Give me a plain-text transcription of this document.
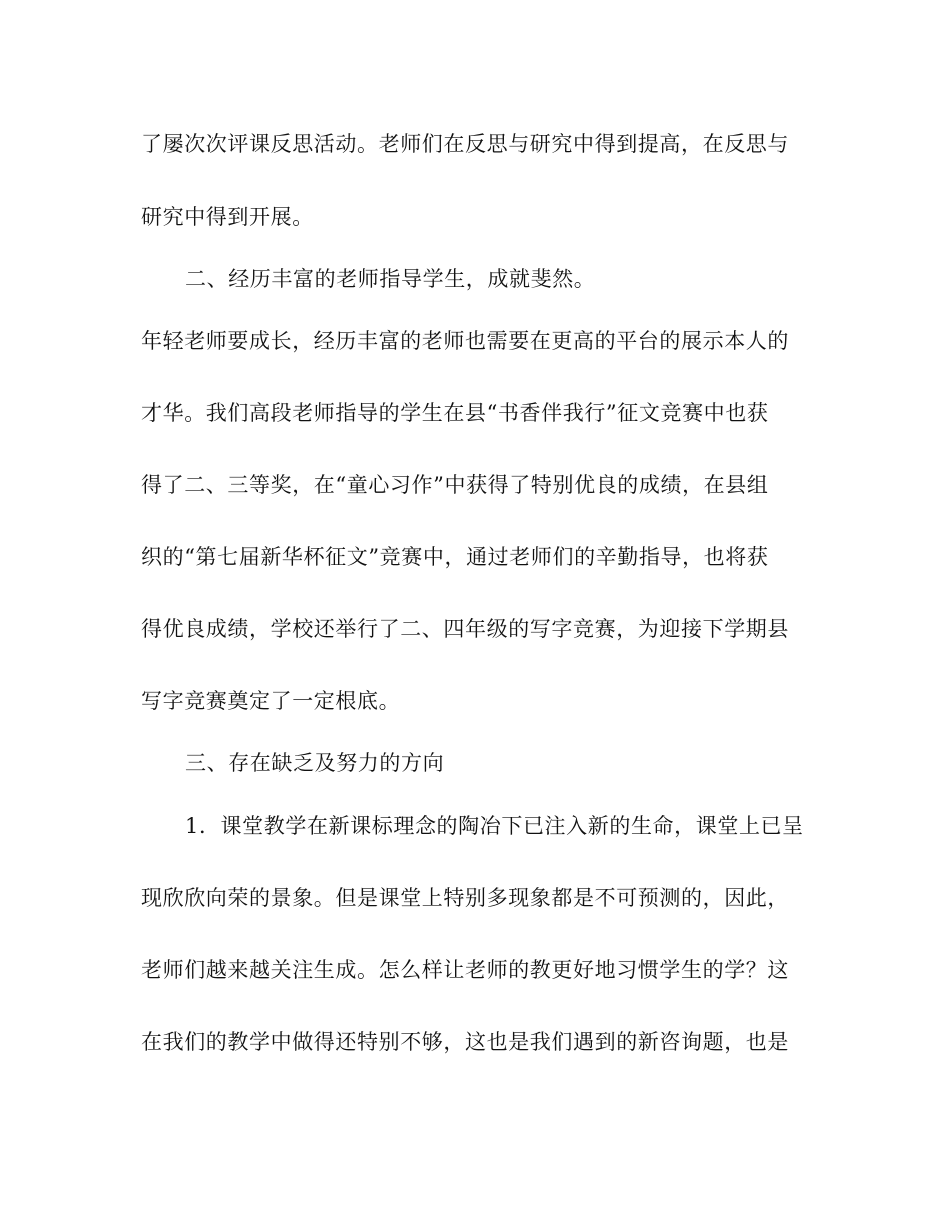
了屡次次评课反思活动。老师们在反思与研究中得到提高，在反思与
研究中得到开展。
二、经历丰富的老师指导学生，成就斐然。
年轻老师要成长，经历丰富的老师也需要在更高的平台的展示本人的
才华。我们高段老师指导的学生在县“书香伴我行”征文竞赛中也获
得了二、三等奖，在“童心习作”中获得了特别优良的成绩，在县组
织的“第七届新华杯征文”竞赛中，通过老师们的辛勤指导，也将获
得优良成绩，学校还举行了二、四年级的写字竞赛，为迎接下学期县
写字竞赛奠定了一定根底。
三、存在缺乏及努力的方向
1．课堂教学在新课标理念的陶冶下已注入新的生命，课堂上已呈
现欣欣向荣的景象。但是课堂上特别多现象都是不可预测的，因此，
老师们越来越关注生成。怎么样让老师的教更好地习惯学生的学？这
在我们的教学中做得还特别不够，这也是我们遇到的新咨询题，也是
